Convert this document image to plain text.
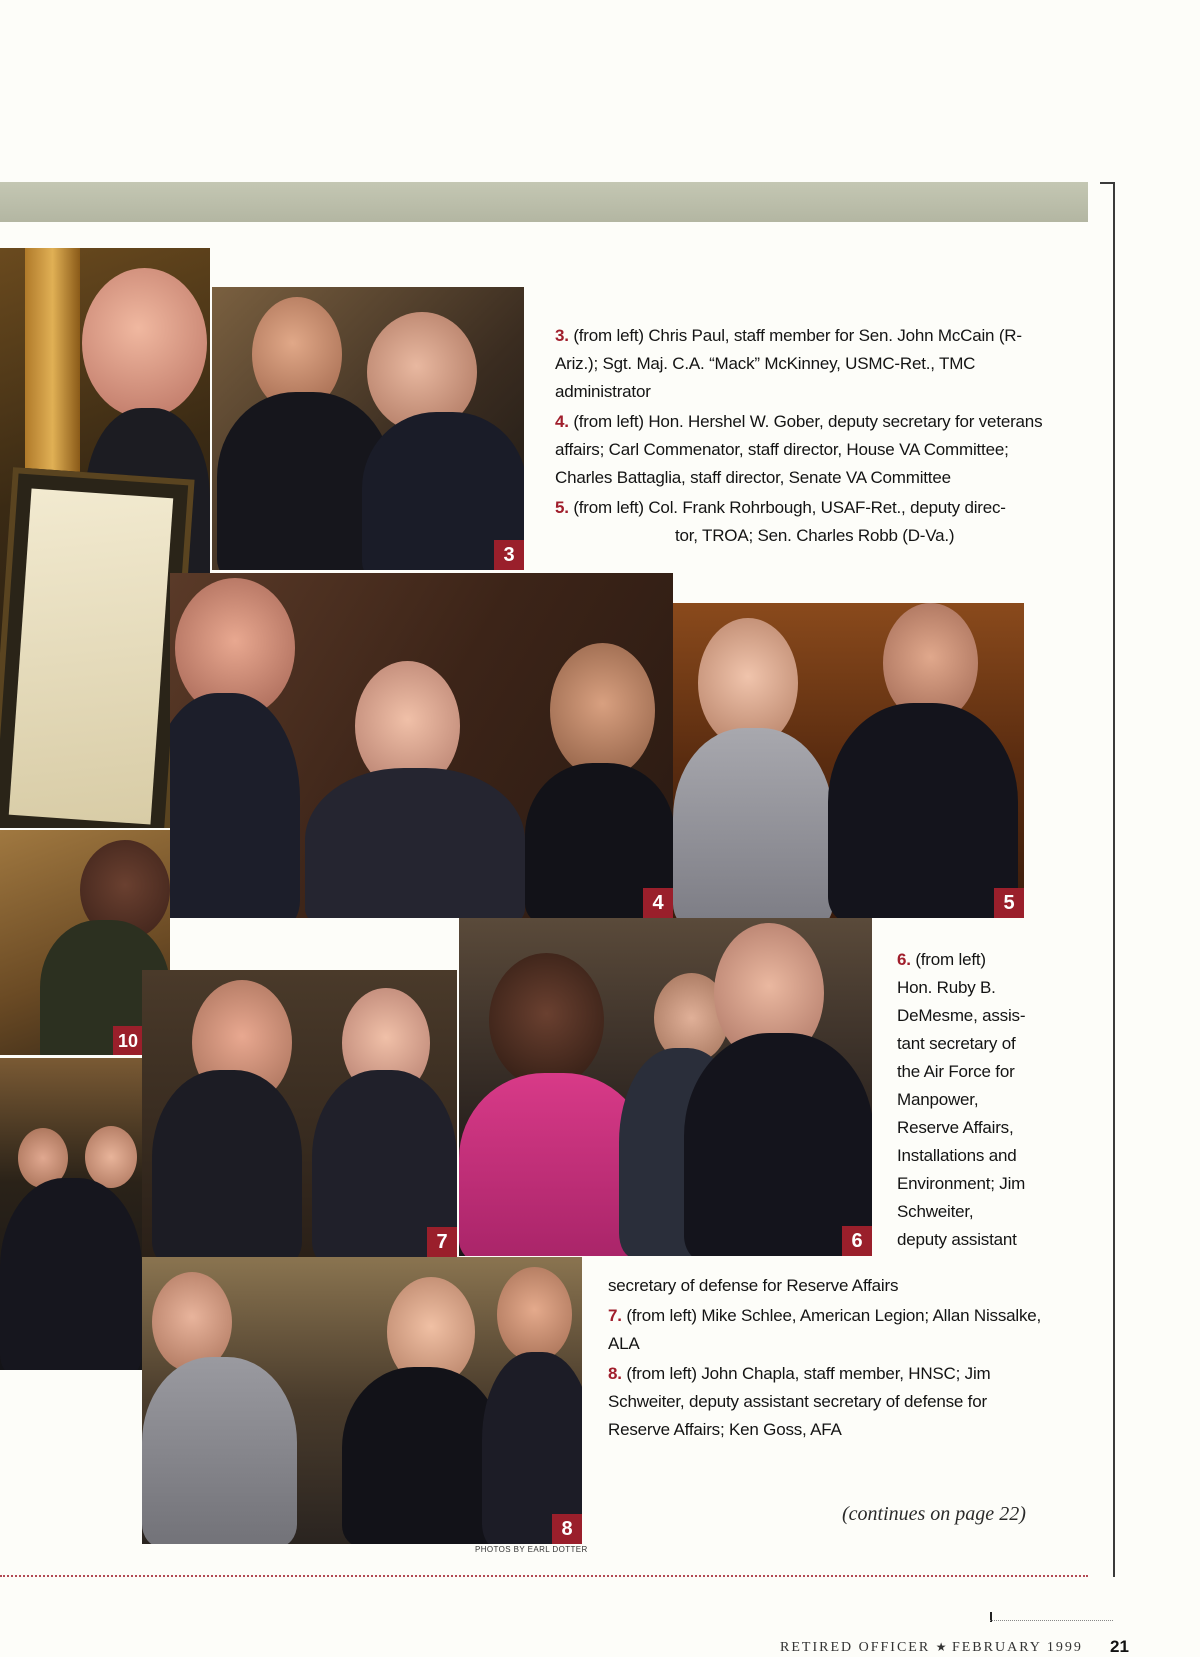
3
4	5
10
7	6
8
PHOTOS BY EARL DOTTER

3. (from left) Chris Paul, staff member for Sen. John McCain (R-Ariz.); Sgt. Maj. C.A. “Mack” McKinney, USMC-Ret., TMC administrator

4. (from left) Hon. Hershel W. Gober, deputy secretary for veterans affairs; Carl Commenator, staff director, House VA Committee; Charles Battaglia, staff director, Senate VA Committee

5. (from left) Col. Frank Rohrbough, USAF-Ret., deputy direc-

tor, TROA; Sen. Charles Robb (D-Va.)

6. (from left)

Hon. Ruby B.

DeMesme, assis-

tant secretary of

the Air Force for

Manpower,

Reserve Affairs,

Installations and

Environment; Jim

Schweiter,

deputy assistant

secretary of defense for Reserve Affairs

7. (from left) Mike Schlee, American Legion; Allan Nissalke, ALA

8. (from left) John Chapla, staff member, HNSC; Jim Schweiter, deputy assistant secretary of defense for Reserve Affairs; Ken Goss, AFA

(continues on page 22)
RETIRED OFFICER ★ FEBRUARY 1999 21
